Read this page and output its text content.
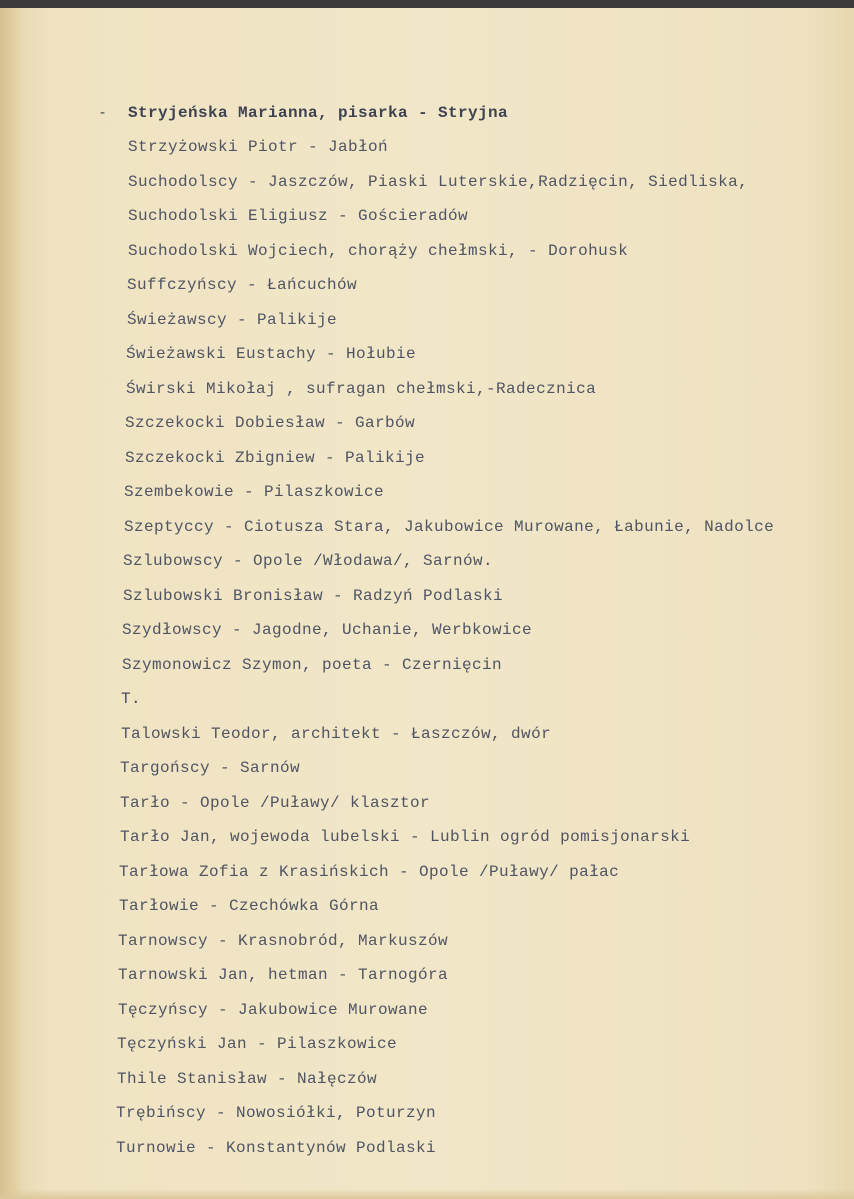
- Stryjeńska Marianna, pisarka - Stryjna
Strzyżowski Piotr - Jabłoń
Suchodolscy - Jaszczów, Piaski Luterskie,Radzięcin, Siedliska,
Suchodolski Eligiusz - Gościeradów
Suchodolski Wojciech, chorąży chełmski, - Dorohusk
Suffczyńscy - Łańcuchów
Świeżawscy - Palikije
Świeżawski Eustachy - Hołubie
Świrski Mikołaj , sufragan chełmski,-Radecznica
Szczekocki Dobiesław - Garbów
Szczekocki Zbigniew - Palikije
Szembekowie - Pilaszkowice
Szeptyccy - Ciotusza Stara, Jakubowice Murowane, Łabunie, Nadolce
Szlubowscy - Opole /Włodawa/, Sarnów.
Szlubowski Bronisław - Radzyń Podlaski
Szydłowscy - Jagodne, Uchanie, Werbkowice
Szymonowicz Szymon, poeta - Czernięcin
T.
Talowski Teodor, architekt - Łaszczów, dwór
Targońscy - Sarnów
Tarło - Opole /Puławy/ klasztor
Tarło Jan, wojewoda lubelski - Lublin ogród pomisjonarski
Tarłowa Zofia z Krasińskich - Opole /Puławy/ pałac
Tarłowie - Czechówka Górna
Tarnowscy - Krasnobród, Markuszów
Tarnowski Jan, hetman - Tarnogóra
Tęczyńscy - Jakubowice Murowane
Tęczyński Jan - Pilaszkowice
Thile Stanisław - Nałęczów
Trębińscy - Nowosiółki, Poturzyn
Turnowie - Konstantynów Podlaski
